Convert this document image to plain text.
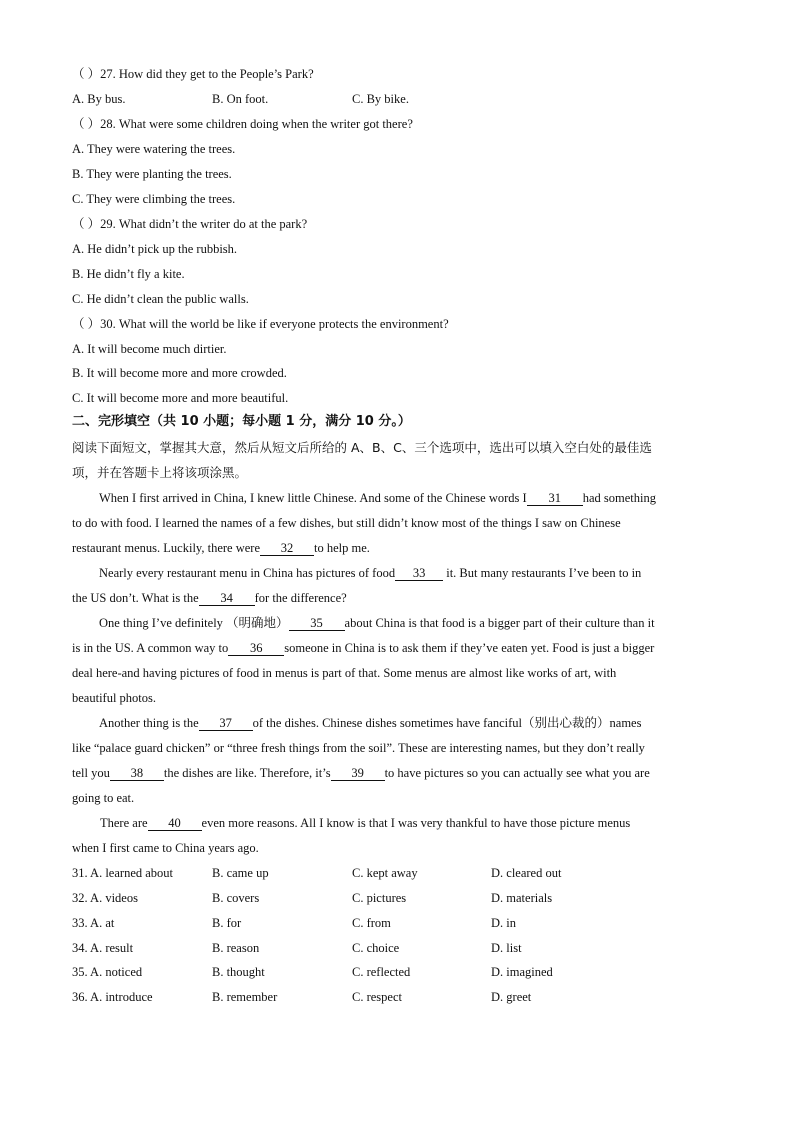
（ ）27. How did they get to the People’s Park?
A. By bus.	B. On foot.	C. By bike.
（ ）28. What were some children doing when the writer got there?
A. They were watering the trees.
B. They were planting the trees.
C. They were climbing the trees.
（ ）29. What didn’t the writer do at the park?
A. He didn’t pick up the rubbish.
B. He didn’t fly a kite.
C. He didn’t clean the public walls.
（ ）30. What will the world be like if everyone protects the environment?
A. It will become much dirtier.
B. It will become more and more crowded.
C. It will become more and more beautiful.
二、完形填空（共 10 小题；每小题 1 分，满分 10 分。）
阅读下面短文，掌握其大意，然后从短文后所给的 A、B、C、三个选项中，选出可以填入空白处的最佳选
项，并在答题卡上将该项涂黑。
When I first arrived in China, I knew little Chinese. And some of the Chinese words I 31 had something
to do with food. I learned the names of a few dishes, but still didn’t know most of the things I saw on Chinese
restaurant menus. Luckily, there were 32 to help me.
Nearly every restaurant menu in China has pictures of food 33 it. But many restaurants I’ve been to in
the US don’t. What is the 34 for the difference?
One thing I’ve definitely （明确地） 35 about China is that food is a bigger part of their culture than it
is in the US. A common way to 36 someone in China is to ask them if they’ve eaten yet. Food is just a bigger
deal here-and having pictures of food in menus is part of that. Some menus are almost like works of art, with
beautiful photos.
Another thing is the 37 of the dishes. Chinese dishes sometimes have fanciful（别出心裁的）names
like “palace guard chicken” or “three fresh things from the soil”. These are interesting names, but they don’t really
tell you 38 the dishes are like. Therefore, it’s 39 to have pictures so you can actually see what you are
going to eat.
There are 40 even more reasons. All I know is that I was very thankful to have those picture menus
when I first came to China years ago.
31. A. learned about	B. came up	C. kept away	D. cleared out
32. A. videos	B. covers	C. pictures	D. materials
33. A. at	B. for	C. from	D. in
34. A. result	B. reason	C. choice	D. list
35. A. noticed	B. thought	C. reflected	D. imagined
36. A. introduce	B. remember	C. respect	D. greet
